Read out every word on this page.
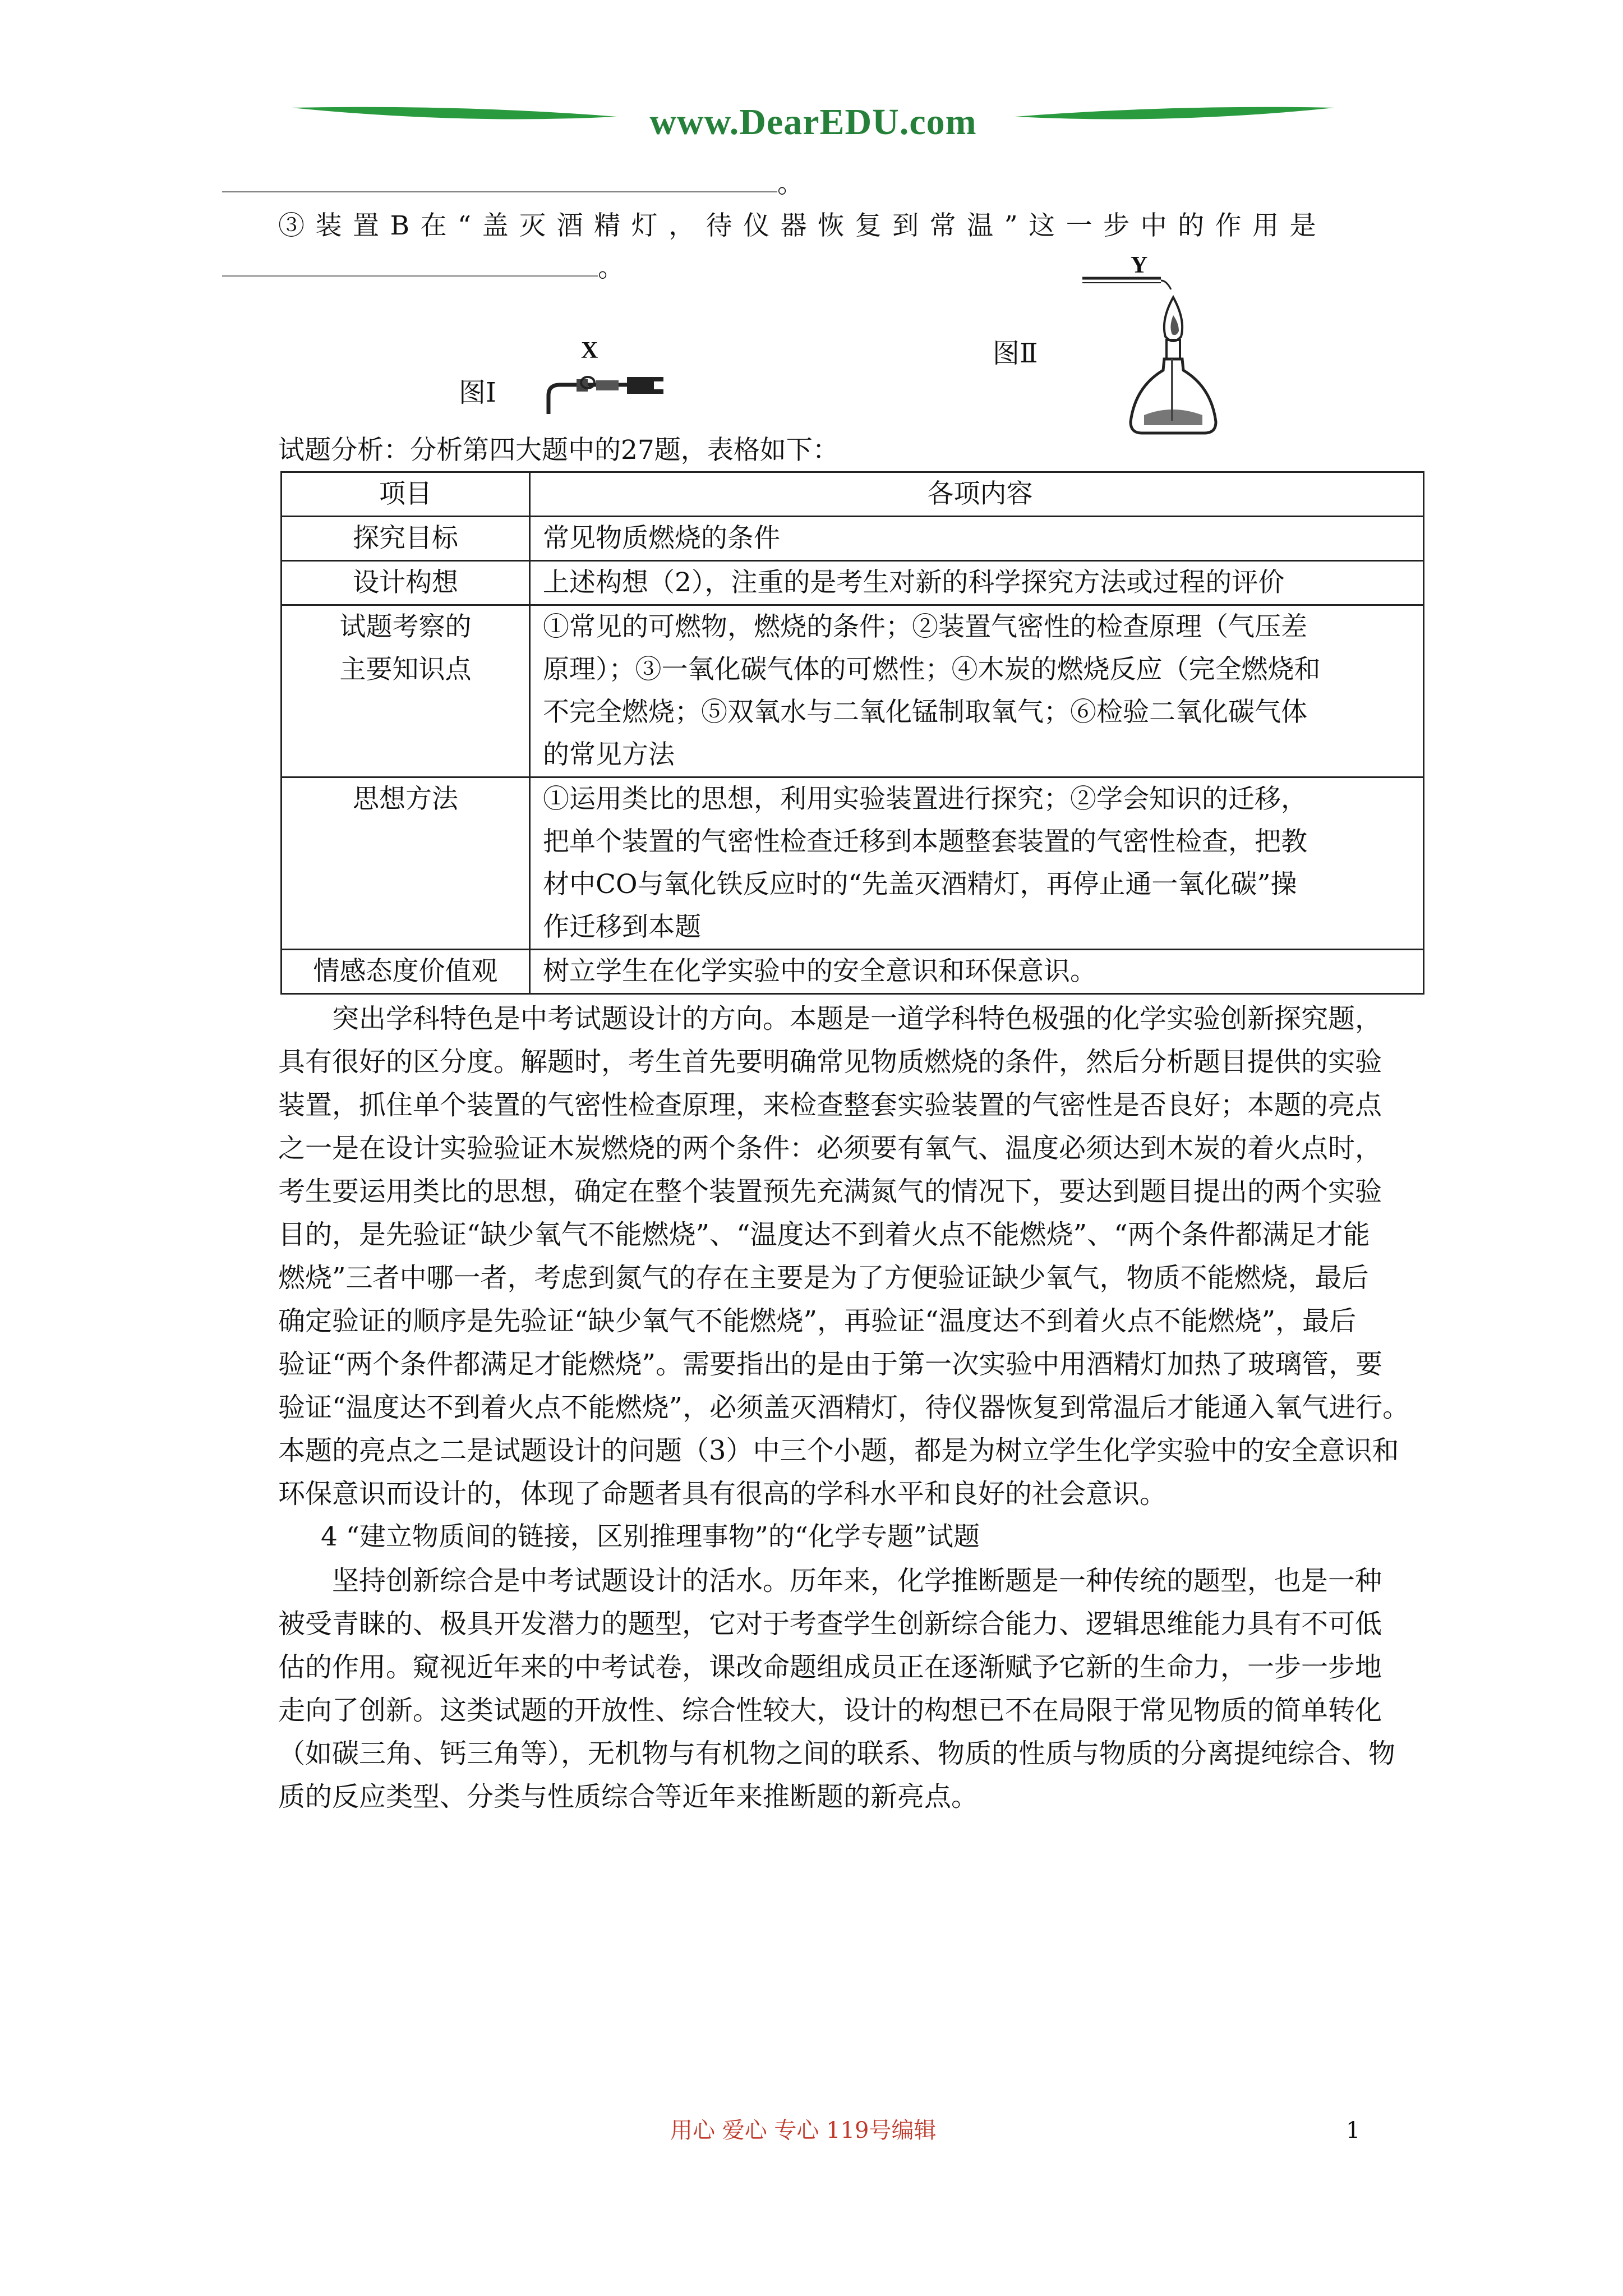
www.DearEDU.com
。
③装置B在“盖灭酒精灯，待仪器恢复到常温”这一步中的作用是
。
图Ⅰ
X	图Ⅱ
Y
试题分析：分析第四大题中的27题，表格如下：
项目	各项内容
探究目标	常见物质燃烧的条件
设计构想	上述构想（2），注重的是考生对新的科学探究方法或过程的评价
试题考察的
主要知识点	①常见的可燃物，燃烧的条件；②装置气密性的检查原理（气压差
原理）；③一氧化碳气体的可燃性；④木炭的燃烧反应（完全燃烧和
不完全燃烧；⑤双氧水与二氧化锰制取氧气；⑥检验二氧化碳气体
的常见方法
思想方法	①运用类比的思想，利用实验装置进行探究；②学会知识的迁移，
把单个装置的气密性检查迁移到本题整套装置的气密性检查，把教
材中CO与氧化铁反应时的“先盖灭酒精灯，再停止通一氧化碳”操
作迁移到本题
情感态度价值观	树立学生在化学实验中的安全意识和环保意识。
突出学科特色是中考试题设计的方向。本题是一道学科特色极强的化学实验创新探究题，
具有很好的区分度。解题时，考生首先要明确常见物质燃烧的条件，然后分析题目提供的实验
装置，抓住单个装置的气密性检查原理，来检查整套实验装置的气密性是否良好；本题的亮点
之一是在设计实验验证木炭燃烧的两个条件：必须要有氧气、温度必须达到木炭的着火点时，
考生要运用类比的思想，确定在整个装置预先充满氮气的情况下，要达到题目提出的两个实验
目的，是先验证“缺少氧气不能燃烧”、“温度达不到着火点不能燃烧”、“两个条件都满足才能
燃烧”三者中哪一者，考虑到氮气的存在主要是为了方便验证缺少氧气，物质不能燃烧，最后
确定验证的顺序是先验证“缺少氧气不能燃烧”，再验证“温度达不到着火点不能燃烧”，最后
验证“两个条件都满足才能燃烧”。需要指出的是由于第一次实验中用酒精灯加热了玻璃管，要
验证“温度达不到着火点不能燃烧”，必须盖灭酒精灯，待仪器恢复到常温后才能通入氧气进行。
本题的亮点之二是试题设计的问题（3）中三个小题，都是为树立学生化学实验中的安全意识和
环保意识而设计的，体现了命题者具有很高的学科水平和良好的社会意识。
4 “建立物质间的链接，区别推理事物”的“化学专题”试题
坚持创新综合是中考试题设计的活水。历年来，化学推断题是一种传统的题型，也是一种
被受青睐的、极具开发潜力的题型，它对于考查学生创新综合能力、逻辑思维能力具有不可低
估的作用。窥视近年来的中考试卷，课改命题组成员正在逐渐赋予它新的生命力，一步一步地
走向了创新。这类试题的开放性、综合性较大，设计的构想已不在局限于常见物质的简单转化
（如碳三角、钙三角等），无机物与有机物之间的联系、物质的性质与物质的分离提纯综合、物
质的反应类型、分类与性质综合等近年来推断题的新亮点。
用心 爱心 专心 119号编辑	1
